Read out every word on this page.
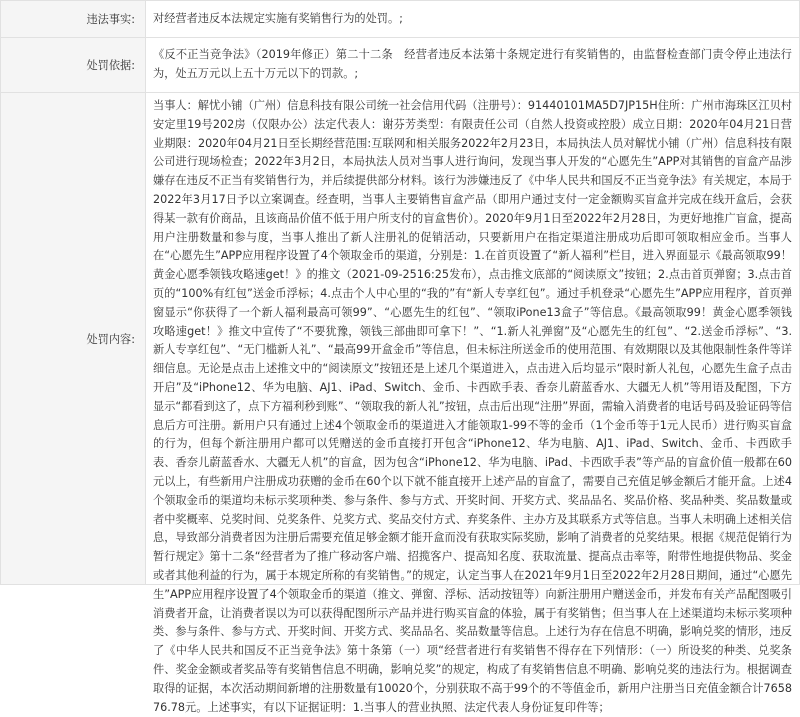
违法事实:	对经营者违反本法规定实施有奖销售行为的处罚。;
处罚依据:	《反不正当竞争法》（2019年修正）第二十二条　经营者违反本法第十条规定进行有奖销售的，由监督检查部门责令停止违法行为，处五万元以上五十万元以下的罚款。;
处罚内容:	当事人：解忧小铺（广州）信息科技有限公司统一社会信用代码（注册号）：91440101MA5D7JP15H住所：广州市海珠区江贝村安定里19号202房（仅限办公）法定代表人：谢芬芳类型：有限责任公司（自然人投资或控股）成立日期：2020年04月21日营业期限：2020年04月21日至长期经营范围:互联网和相关服务2022年2月23日，本局执法人员对解忧小铺（广州）信息科技有限公司进行现场检查；2022年3月2日，本局执法人员对当事人进行询问，发现当事人开发的“心愿先生”APP对其销售的盲盒产品涉嫌存在违反不正当有奖销售行为，并后续提供部分材料。该行为涉嫌违反了《中华人民共和国反不正当竞争法》有关规定，本局于2022年3月17日予以立案调查。经查明，当事人主要销售盲盒产品（即用户通过支付一定金额购买盲盒并完成在线开盒后，会获得某一款有价商品，且该商品价值不低于用户所支付的盲盒售价）。2020年9月1日至2022年2月28日，为更好地推广盲盒，提高用户注册数量和参与度，当事人推出了新人注册礼的促销活动，只要新用户在指定渠道注册成功后即可领取相应金币。当事人在“心愿先生”APP应用程序设置了4个领取金币的渠道，分别是：1.在首页设置了“新人福利”栏目，进入界面显示《最高领取99！黄金心愿季领钱攻略速get！》的推文（2021-09-2516:25发布），点击推文底部的“阅读原文”按钮；2.点击首页弹窗；3.点击首页的“100%有红包”送金币浮标；4.点击个人中心里的“我的”有“新人专享红包”。通过手机登录“心愿先生”APP应用程序，首页弹窗显示“你获得了一个新人福利最高可领99”、“心愿先生的红包”、“领取iPone13盒子”等信息。《最高领取99！黄金心愿季领钱攻略速get！》推文中宣传了“不要犹豫，领钱三部曲即可拿下！”、“1.新人礼弹窗”及“心愿先生的红包”、“2.送金币浮标”、“3.新人专享红包”、“无门槛新人礼”、“最高99开盒金币”等信息，但未标注所送金币的使用范围、有效期限以及其他限制性条件等详细信息。无论是点击上述推文中的“阅读原文”按钮还是上述几个渠道进入，点击进入后均显示“限时新人礼包，心愿先生盒子点击开启”及“iPhone12、华为电脑、AJ1、iPad、Switch、金币、卡西欧手表、香奈儿蔚蓝香水、大疆无人机”等用语及配图，下方显示“都看到这了，点下方福利秒到账”、“领取我的新人礼”按钮，点击后出现“注册”界面，需输入消费者的电话号码及验证码等信息后方可注册。新用户只有通过上述4个领取金币的渠道进入才能领取1-99不等的金币（1个金币等于1元人民币）进行购买盲盒的行为，但每个新注册用户都可以凭赠送的金币直接打开包含“iPhone12、华为电脑、AJ1、iPad、Switch、金币、卡西欧手表、香奈儿蔚蓝香水、大疆无人机”的盲盒，因为包含“iPhone12、华为电脑、iPad、卡西欧手表”等产品的盲盒价值一般都在60元以上，有些新用户注册成功获赠的金币在60个以下就不能直接开上述产品的盲盒了，需要自己充值足够金额后才能开盒。上述4个领取金币的渠道均未标示奖项种类、参与条件、参与方式、开奖时间、开奖方式、奖品品名、奖品价格、奖品种类、奖品数量或者中奖概率、兑奖时间、兑奖条件、兑奖方式、奖品交付方式、弃奖条件、主办方及其联系方式等信息。当事人未明确上述相关信息，导致部分消费者因为注册后需要充值足够金额才能开盒而没有获取实际奖励，影响了消费者的兑奖结果。根据《规范促销行为暂行规定》第十二条“经营者为了推广移动客户端、招揽客户、提高知名度、获取流量、提高点击率等，附带性地提供物品、奖金或者其他利益的行为，属于本规定所称的有奖销售。”的规定，认定当事人在2021年9月1日至2022年2月28日期间，通过“心愿先生”APP应用程序设置了4个领取金币的渠道（推文、弹窗、浮标、活动按钮等）向新注册用户赠送金币，并发布有关产品配图吸引消费者开盒，让消费者误以为可以获得配图所示产品并进行购买盲盒的体验，属于有奖销售；但当事人在上述渠道均未标示奖项种类、参与条件、参与方式、开奖时间、开奖方式、奖品品名、奖品数量等信息。上述行为存在信息不明确，影响兑奖的情形，违反了《中华人民共和国反不正当竞争法》第十条第（一）项“经营者进行有奖销售不得存在下列情形：（一）所设奖的种类、兑奖条件、奖金金额或者奖品等有奖销售信息不明确，影响兑奖”的规定，构成了有奖销售信息不明确、影响兑奖的违法行为。根据调查取得的证据，本次活动期间新增的注册数量有10020个，分别获取不高于99个的不等值金币，新用户注册当日充值金额合计765876.78元。上述事实，有以下证据证明：1.当事人的营业执照、法定代表人身份证复印件等；
